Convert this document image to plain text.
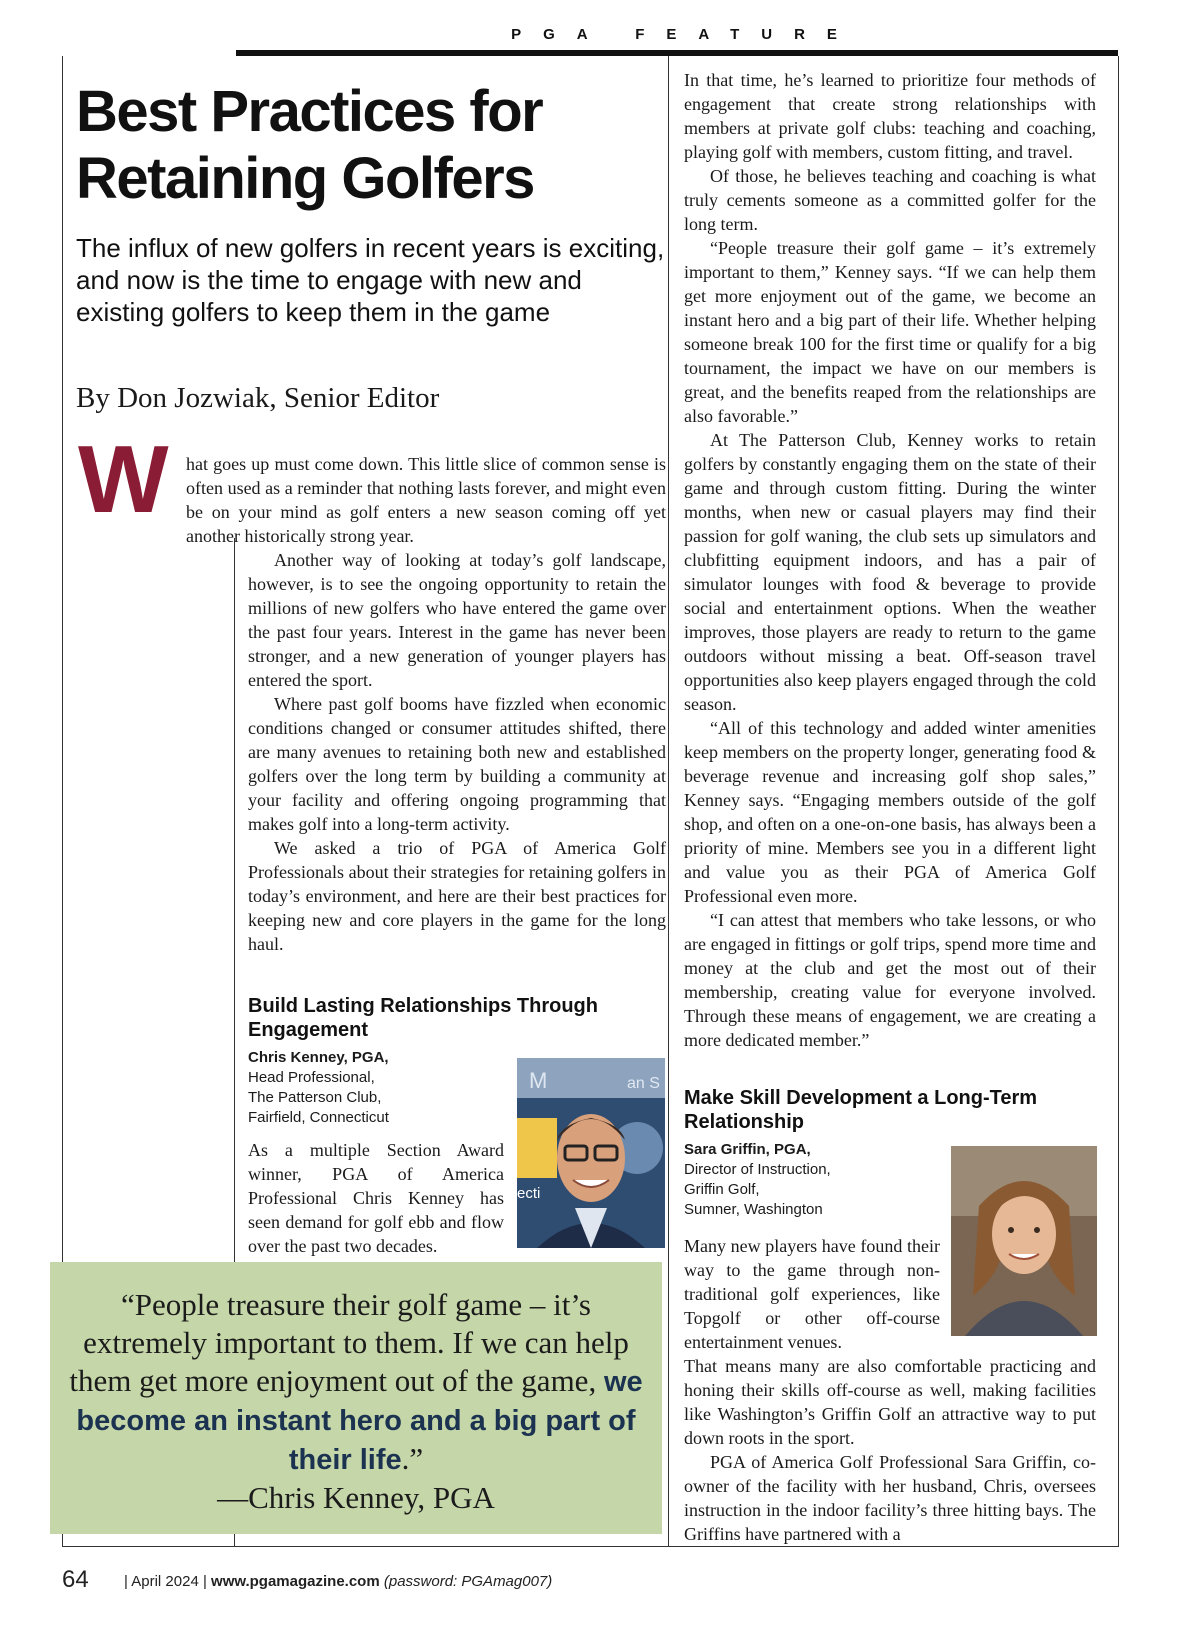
PGA FEATURE
Best Practices for Retaining Golfers

The influx of new golfers in recent years is exciting, and now is the time to engage with new and existing golfers to keep them in the game

By Don Jozwiak, Senior Editor
W hat goes up must come down. This little slice of common sense is often used as a reminder that nothing lasts forever, and might even be on your mind as golf enters a new season coming off yet another historically strong year.

Another way of looking at today’s golf landscape, however, is to see the ongoing opportunity to retain the millions of new golfers who have entered the game over the past four years. Interest in the game has never been stronger, and a new generation of younger players has entered the sport.

Where past golf booms have fizzled when economic conditions changed or consumer attitudes shifted, there are many avenues to retaining both new and established golfers over the long term by building a community at your facility and offering ongoing programming that makes golf into a long-term activity.

We asked a trio of PGA of America Golf Professionals about their strategies for retaining golfers in today’s environment, and here are their best practices for keeping new and core players in the game for the long haul.

Build Lasting Relationships Through Engagement
Chris Kenney, PGA,
Head Professional,
The Patterson Club,
Fairfield, Connecticut
M	an S
ecti

As a multiple Section Award winner, PGA of America Professional Chris Kenney has seen demand for golf ebb and flow over the past two decades.

“People treasure their golf game – it’s extremely important to them. If we can help them get more enjoyment out of the game, we become an instant hero and a big part of their life.”
—Chris Kenney, PGA

In that time, he’s learned to prioritize four methods of engagement that create strong relationships with members at private golf clubs: teaching and coaching, playing golf with members, custom fitting, and travel.

Of those, he believes teaching and coaching is what truly cements someone as a committed golfer for the long term.

“People treasure their golf game – it’s extremely important to them,” Kenney says. “If we can help them get more enjoyment out of the game, we become an instant hero and a big part of their life. Whether helping someone break 100 for the first time or qualify for a big tournament, the impact we have on our members is great, and the benefits reaped from the relationships are also favorable.”

At The Patterson Club, Kenney works to retain golfers by constantly engaging them on the state of their game and through custom fitting. During the winter months, when new or casual players may find their passion for golf waning, the club sets up simulators and clubfitting equipment indoors, and has a pair of simulator lounges with food & beverage to provide social and entertainment options. When the weather improves, those players are ready to return to the game outdoors without missing a beat. Off-season travel opportunities also keep players engaged through the cold season.

“All of this technology and added winter amenities keep members on the property longer, generating food & beverage revenue and increasing golf shop sales,” Kenney says. “Engaging members outside of the golf shop, and often on a one-on-one basis, has always been a priority of mine. Members see you in a different light and value you as their PGA of America Golf Professional even more.

“I can attest that members who take lessons, or who are engaged in fittings or golf trips, spend more time and money at the club and get the most out of their membership, creating value for everyone involved. Through these means of engagement, we are creating a more dedicated member.”

Make Skill Development a Long-Term Relationship
Sara Griffin, PGA,
Director of Instruction,
Griffin Golf,
Sumner, Washington

Many new players have found their way to the game through non-traditional golf experiences, like Topgolf or other off-course entertainment venues.

That means many are also comfortable practicing and honing their skills off-course as well, making facilities like Washington’s Griffin Golf an attractive way to put down roots in the sport.

PGA of America Golf Professional Sara Griffin, co-owner of the facility with her husband, Chris, oversees instruction in the indoor facility’s three hitting bays. The Griffins have partnered with a

64 | April 2024 | www.pgamagazine.com (password: PGAmag007)
